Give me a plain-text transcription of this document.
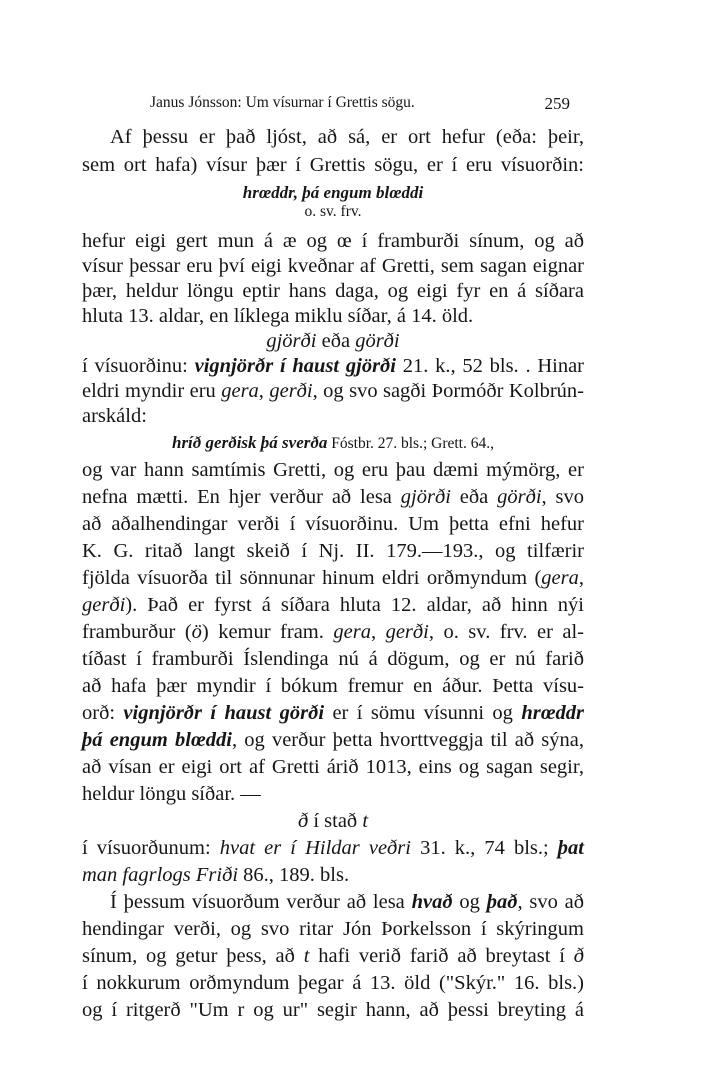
Janus Jónsson: Um vísurnar í Grettis sögu.	259
Af þessu er það ljóst, að sá, er ort hefur (eða: þeir,
sem ort hafa) vísur þær í Grettis sögu, er í eru vísuorðin:
hrœddr, þá engum blœddi
o. sv. frv.
hefur eigi gert mun á æ og œ í framburði sínum, og að
vísur þessar eru því eigi kveðnar af Gretti, sem sagan eignar
þær, heldur löngu eptir hans daga, og eigi fyr en á síðara
hluta 13. aldar, en líklega miklu síðar, á 14. öld.
gjörði eða görði
í vísuorðinu: vignjörðr í haust gjörði 21. k., 52 bls. . Hinar
eldri myndir eru gera, gerði, og svo sagði Þormóðr Kolbrún-
arskáld:
hríð gerðisk þá sverða Fóstbr. 27. bls.; Grett. 64.,
og var hann samtímis Gretti, og eru þau dæmi mýmörg, er
nefna mætti. En hjer verður að lesa gjörði eða görði, svo
að aðalhendingar verði í vísuorðinu. Um þetta efni hefur
K. G. ritað langt skeið í Nj. II. 179.—193., og tilfærir
fjölda vísuorða til sönnunar hinum eldri orðmyndum (gera,
gerði). Það er fyrst á síðara hluta 12. aldar, að hinn nýi
framburður (ö) kemur fram. gera, gerði, o. sv. frv. er al-
tíðast í framburði Íslendinga nú á dögum, og er nú farið
að hafa þær myndir í bókum fremur en áður. Þetta vísu-
orð: vignjörðr í haust görði er í sömu vísunni og hrœddr
þá engum blœddi, og verður þetta hvorttveggja til að sýna,
að vísan er eigi ort af Gretti árið 1013, eins og sagan segir,
heldur löngu síðar. —
ð í stað t
í vísuorðunum: hvat er í Hildar veðri 31. k., 74 bls.; þat
man fagrlogs Friði 86., 189. bls.
Í þessum vísuorðum verður að lesa hvað og það, svo að
hendingar verði, og svo ritar Jón Þorkelsson í skýringum
sínum, og getur þess, að t hafi verið farið að breytast í ð
í nokkurum orðmyndum þegar á 13. öld ("Skýr." 16. bls.)
og í ritgerð "Um r og ur" segir hann, að þessi breyting á
